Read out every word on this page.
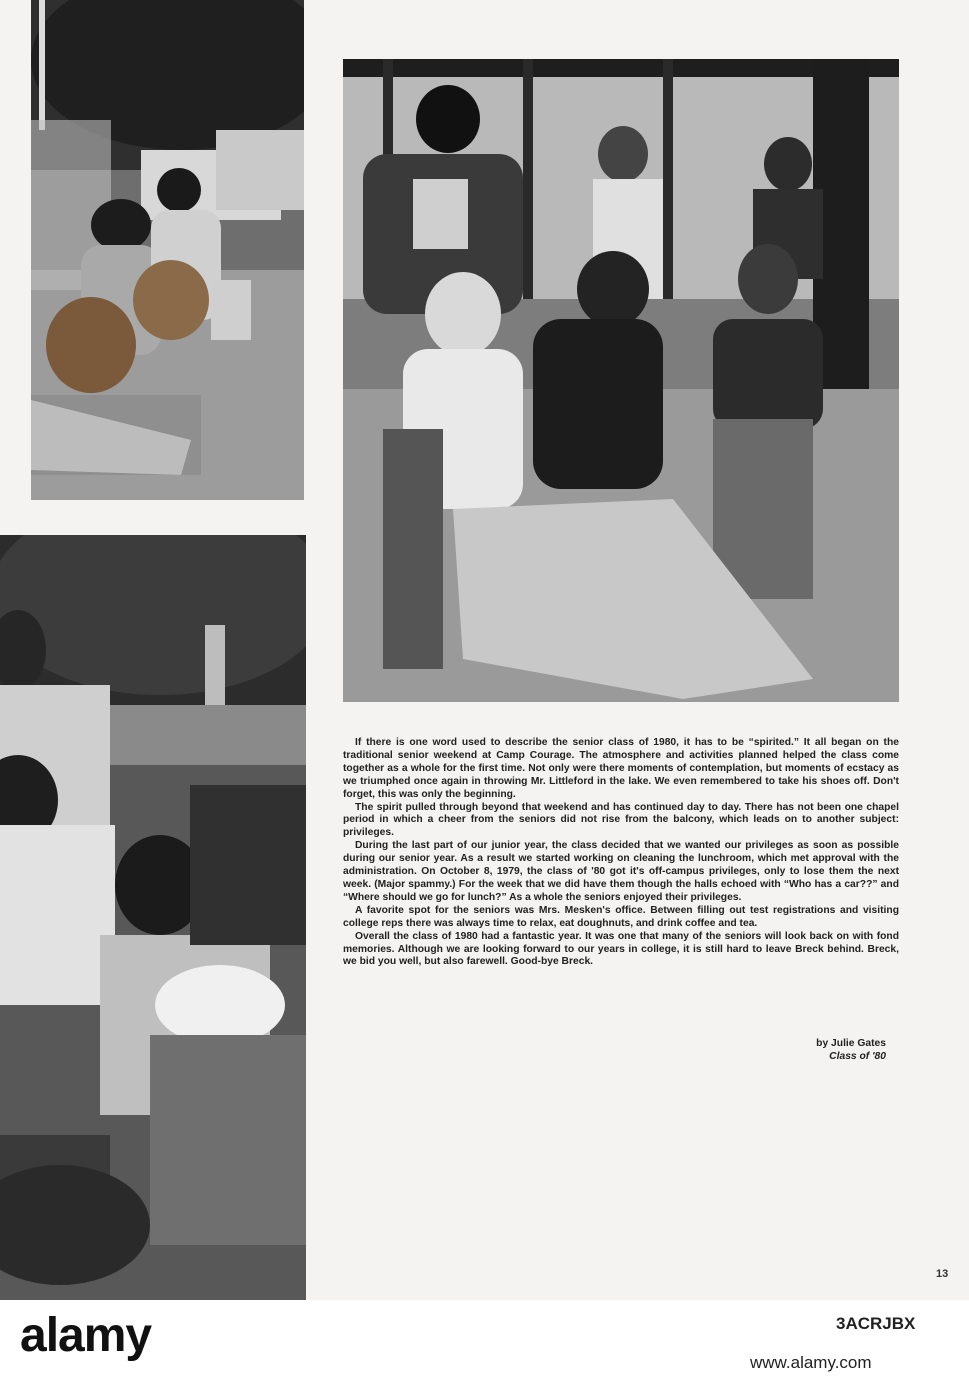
If there is one word used to describe the senior class of 1980, it has to be “spirited.” It all began on the traditional senior weekend at Camp Courage. The atmosphere and activities planned helped the class come together as a whole for the first time. Not only were there moments of contemplation, but moments of ecstacy as we triumphed once again in throwing Mr. Littleford in the lake. We even remembered to take his shoes off. Don't forget, this was only the beginning.

The spirit pulled through beyond that weekend and has continued day to day. There has not been one chapel period in which a cheer from the seniors did not rise from the balcony, which leads on to another subject: privileges.

During the last part of our junior year, the class decided that we wanted our privileges as soon as possible during our senior year. As a result we started working on cleaning the lunchroom, which met approval with the administration. On October 8, 1979, the class of '80 got it's off-campus privileges, only to lose them the next week. (Major spammy.) For the week that we did have them though the halls echoed with “Who has a car??” and “Where should we go for lunch?” As a whole the seniors enjoyed their privileges.

A favorite spot for the seniors was Mrs. Mesken's office. Between filling out test registrations and visiting college reps there was always time to relax, eat doughnuts, and drink coffee and tea.

Overall the class of 1980 had a fantastic year. It was one that many of the seniors will look back on with fond memories. Although we are looking forward to our years in college, it is still hard to leave Breck behind. Breck, we bid you well, but also farewell. Good-bye Breck.

by Julie Gates
Class of '80
13
alamy	3ACRJBX
www.alamy.com
